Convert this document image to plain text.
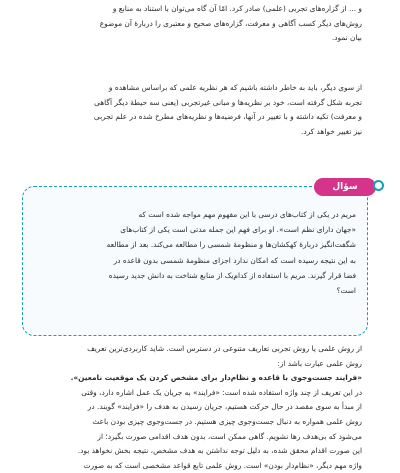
و ... از گزاره‌های تجربی (علمی) صادر کرد. امّا آن گاه می‌توان با استناد به منابع و
روش‌های دیگر کسب آگاهی و معرفت، گزاره‌های صحیح و معتبری را دربارهٔ آن موضوع
بیان نمود.

از سوی دیگر، باید به خاطر داشته باشیم که هر نظریه علمی که براساس مشاهده و
تجربه شکل گرفته است، خود بر نظریه‌ها و مبانی غیرتجربی (یعنی سه حیطهٔ دیگر آگاهی
و معرفت) تکیه داشته و با تغییر در آنها، فرضیه‌ها و نظریه‌های مطرح شده در علم تجربی
نیز تغییر خواهد کرد.

سؤال

مریم در یکی از کتاب‌های درسی با این مفهوم مهم مواجه شده است که
«جهان دارای نظم است». او برای فهم این جمله مدتی است یکی از کتاب‌های
شگفت‌انگیز دربارهٔ کهکشان‌ها و منظومهٔ شمسی را مطالعه می‌کند. بعد از مطالعه
به این نتیجه رسیده است که امکان ندارد اجزای منظومهٔ شمسی بدون قاعده در
فضا قرار گیرند. مریم با استفاده از کدام‌یک از منابع شناخت به دانش جدید رسیده
است؟

از روش علمی یا روش تجربی تعاریف متنوعی در دسترس است. شاید کاربردی‌ترین تعریف
روش علمی عبارت باشد از:
«فرایند جست‌وجوی با قاعده و نظام‌دار برای مشخص کردن یک موقعیت نامعین».
در این تعریف از چند واژه استفاده شده است: «فرایند» به جریان یک عمل اشاره دارد، وقتی
از مبدأ به سوی مقصد در حال حرکت هستیم، جریان رسیدن به هدف را «فرایند» گویند. در
روش علمی همواره به دنبال جست‌وجوی چیزی هستیم. در جست‌وجوی چیزی بودن باعث
می‌شود که بی‌هدف رها نشویم. گاهی ممکن است، بدون هدف اقدامی صورت بگیرد؛ از
این صورت اقدام محقق شده، به دلیل توجه نداشتن به هدف مشخص، نتیجه بخش نخواهد بود.
واژه مهم دیگر، «نظام‌دار بودن» است. روش علمی تابع قواعد مشخصی است که به صورت
